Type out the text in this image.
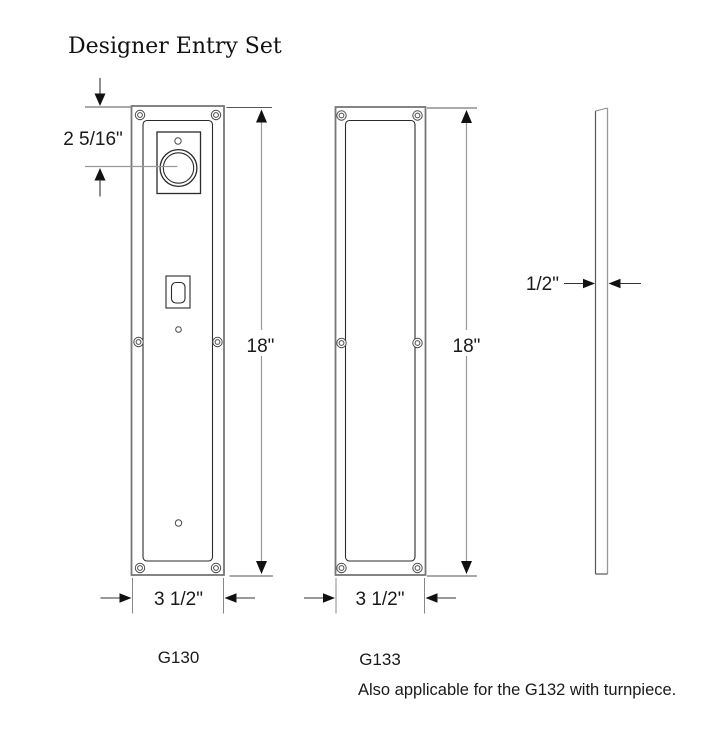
Designer Entry Set
2 5/16"
18"
3 1/2"
18"
3 1/2"
1/2"
G130	G133
Also applicable for the G132 with turnpiece.
